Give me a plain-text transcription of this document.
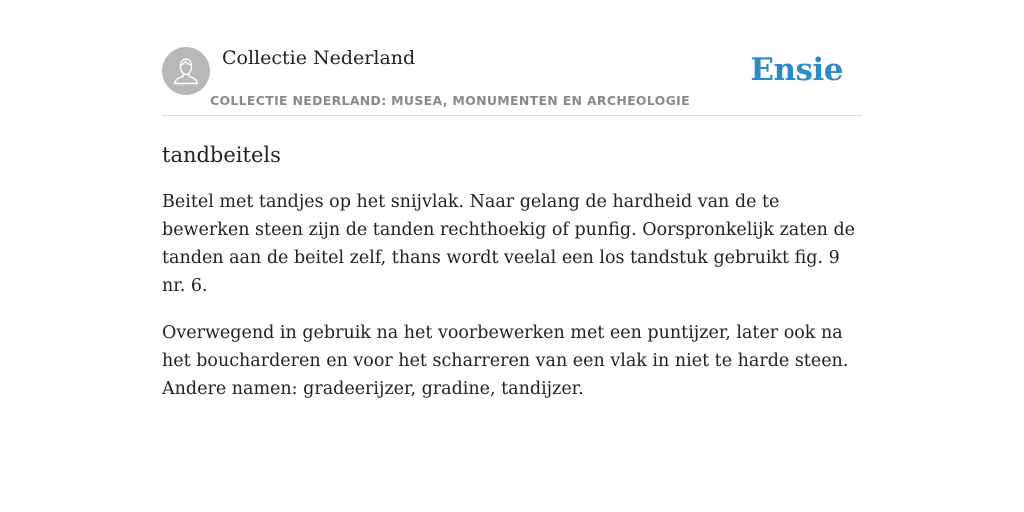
Collectie Nederland
COLLECTIE NEDERLAND: MUSEA, MONUMENTEN EN ARCHEOLOGIE
Ensie
tandbeitels

Beitel met tandjes op het snijvlak. Naar gelang de hardheid van de te bewerken steen zijn de tanden rechthoekig of punfig. Oorspronkelijk zaten de tanden aan de beitel zelf, thans wordt veelal een los tandstuk gebruikt fig. 9 nr. 6.

Overwegend in gebruik na het voorbewerken met een puntijzer, later ook na het boucharderen en voor het scharreren van een vlak in niet te harde steen. Andere namen: gradeerijzer, gradine, tandijzer.
